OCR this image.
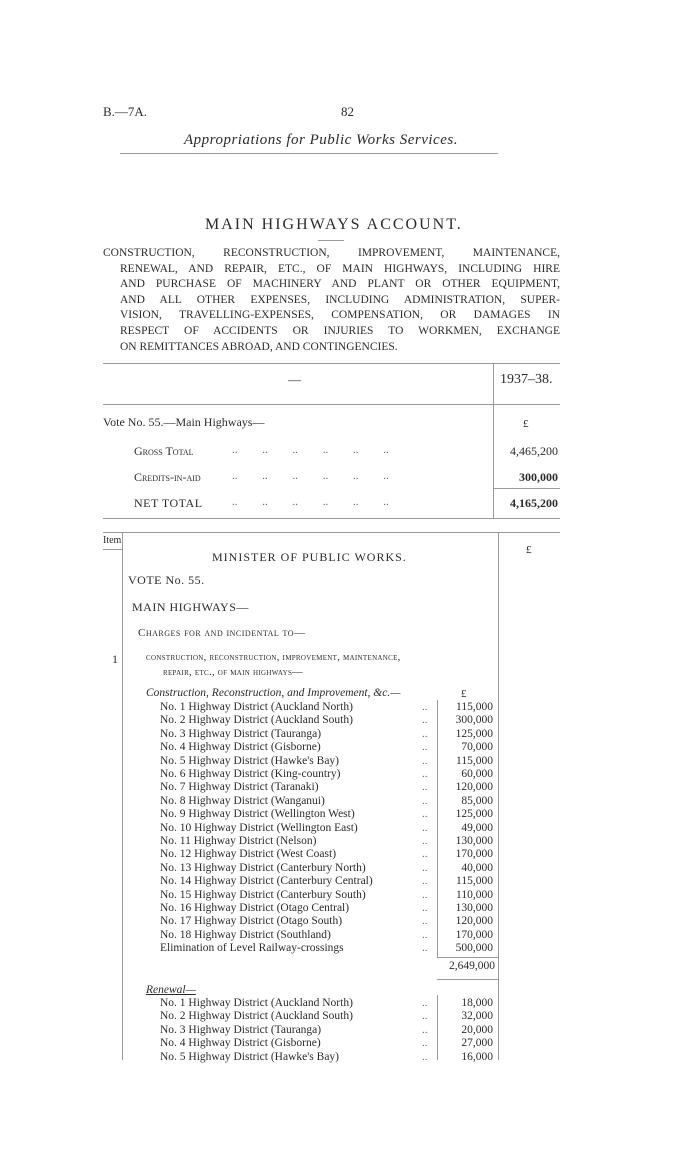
B.—7A.	82
Appropriations for Public Works Services.
MAIN HIGHWAYS ACCOUNT.
CONSTRUCTION, RECONSTRUCTION, IMPROVEMENT, MAINTENANCE,
RENEWAL, AND REPAIR, ETC., OF MAIN HIGHWAYS, INCLUDING HIRE
AND PURCHASE OF MACHINERY AND PLANT OR OTHER EQUIPMENT,
AND ALL OTHER EXPENSES, INCLUDING ADMINISTRATION, SUPER-
VISION, TRAVELLING-EXPENSES, COMPENSATION, OR DAMAGES IN
RESPECT OF ACCIDENTS OR INJURIES TO WORKMEN, EXCHANGE
ON REMITTANCES ABROAD, AND CONTINGENCIES.
—	1937–38.
Vote No. 55.—Main Highways—	£
Gross Total	..         ..         ..         ..         ..         ..	4,465,200
Credits-in-aid	..         ..         ..         ..         ..         ..	300,000
NET TOTAL	..         ..         ..         ..         ..         ..	4,165,200
Item
£
MINISTER OF PUBLIC WORKS.
VOTE No. 55.
MAIN HIGHWAYS—
Charges for and incidental to—
1	construction, reconstruction, improvement, maintenance,
repair, etc., of main highways—
Construction, Reconstruction, and Improvement, &c.—	£
No. 1 Highway District (Auckland North)	..	115,000
No. 2 Highway District (Auckland South)	..	300,000
No. 3 Highway District (Tauranga)	..	125,000
No. 4 Highway District (Gisborne)	..	70,000
No. 5 Highway District (Hawke's Bay)	..	115,000
No. 6 Highway District (King-country)	..	60,000
No. 7 Highway District (Taranaki)	..	120,000
No. 8 Highway District (Wanganui)	..	85,000
No. 9 Highway District (Wellington West)	..	125,000
No. 10 Highway District (Wellington East)	..	49,000
No. 11 Highway District (Nelson)	..	130,000
No. 12 Highway District (West Coast)	..	170,000
No. 13 Highway District (Canterbury North)	..	40,000
No. 14 Highway District (Canterbury Central)	..	115,000
No. 15 Highway District (Canterbury South)	..	110,000
No. 16 Highway District (Otago Central)	..	130,000
No. 17 Highway District (Otago South)	..	120,000
No. 18 Highway District (Southland)	..	170,000
Elimination of Level Railway-crossings	..	500,000
2,649,000
Renewal—
No. 1 Highway District (Auckland North)	..	18,000
No. 2 Highway District (Auckland South)	..	32,000
No. 3 Highway District (Tauranga)	..	20,000
No. 4 Highway District (Gisborne)	..	27,000
No. 5 Highway District (Hawke's Bay)	..	16,000
